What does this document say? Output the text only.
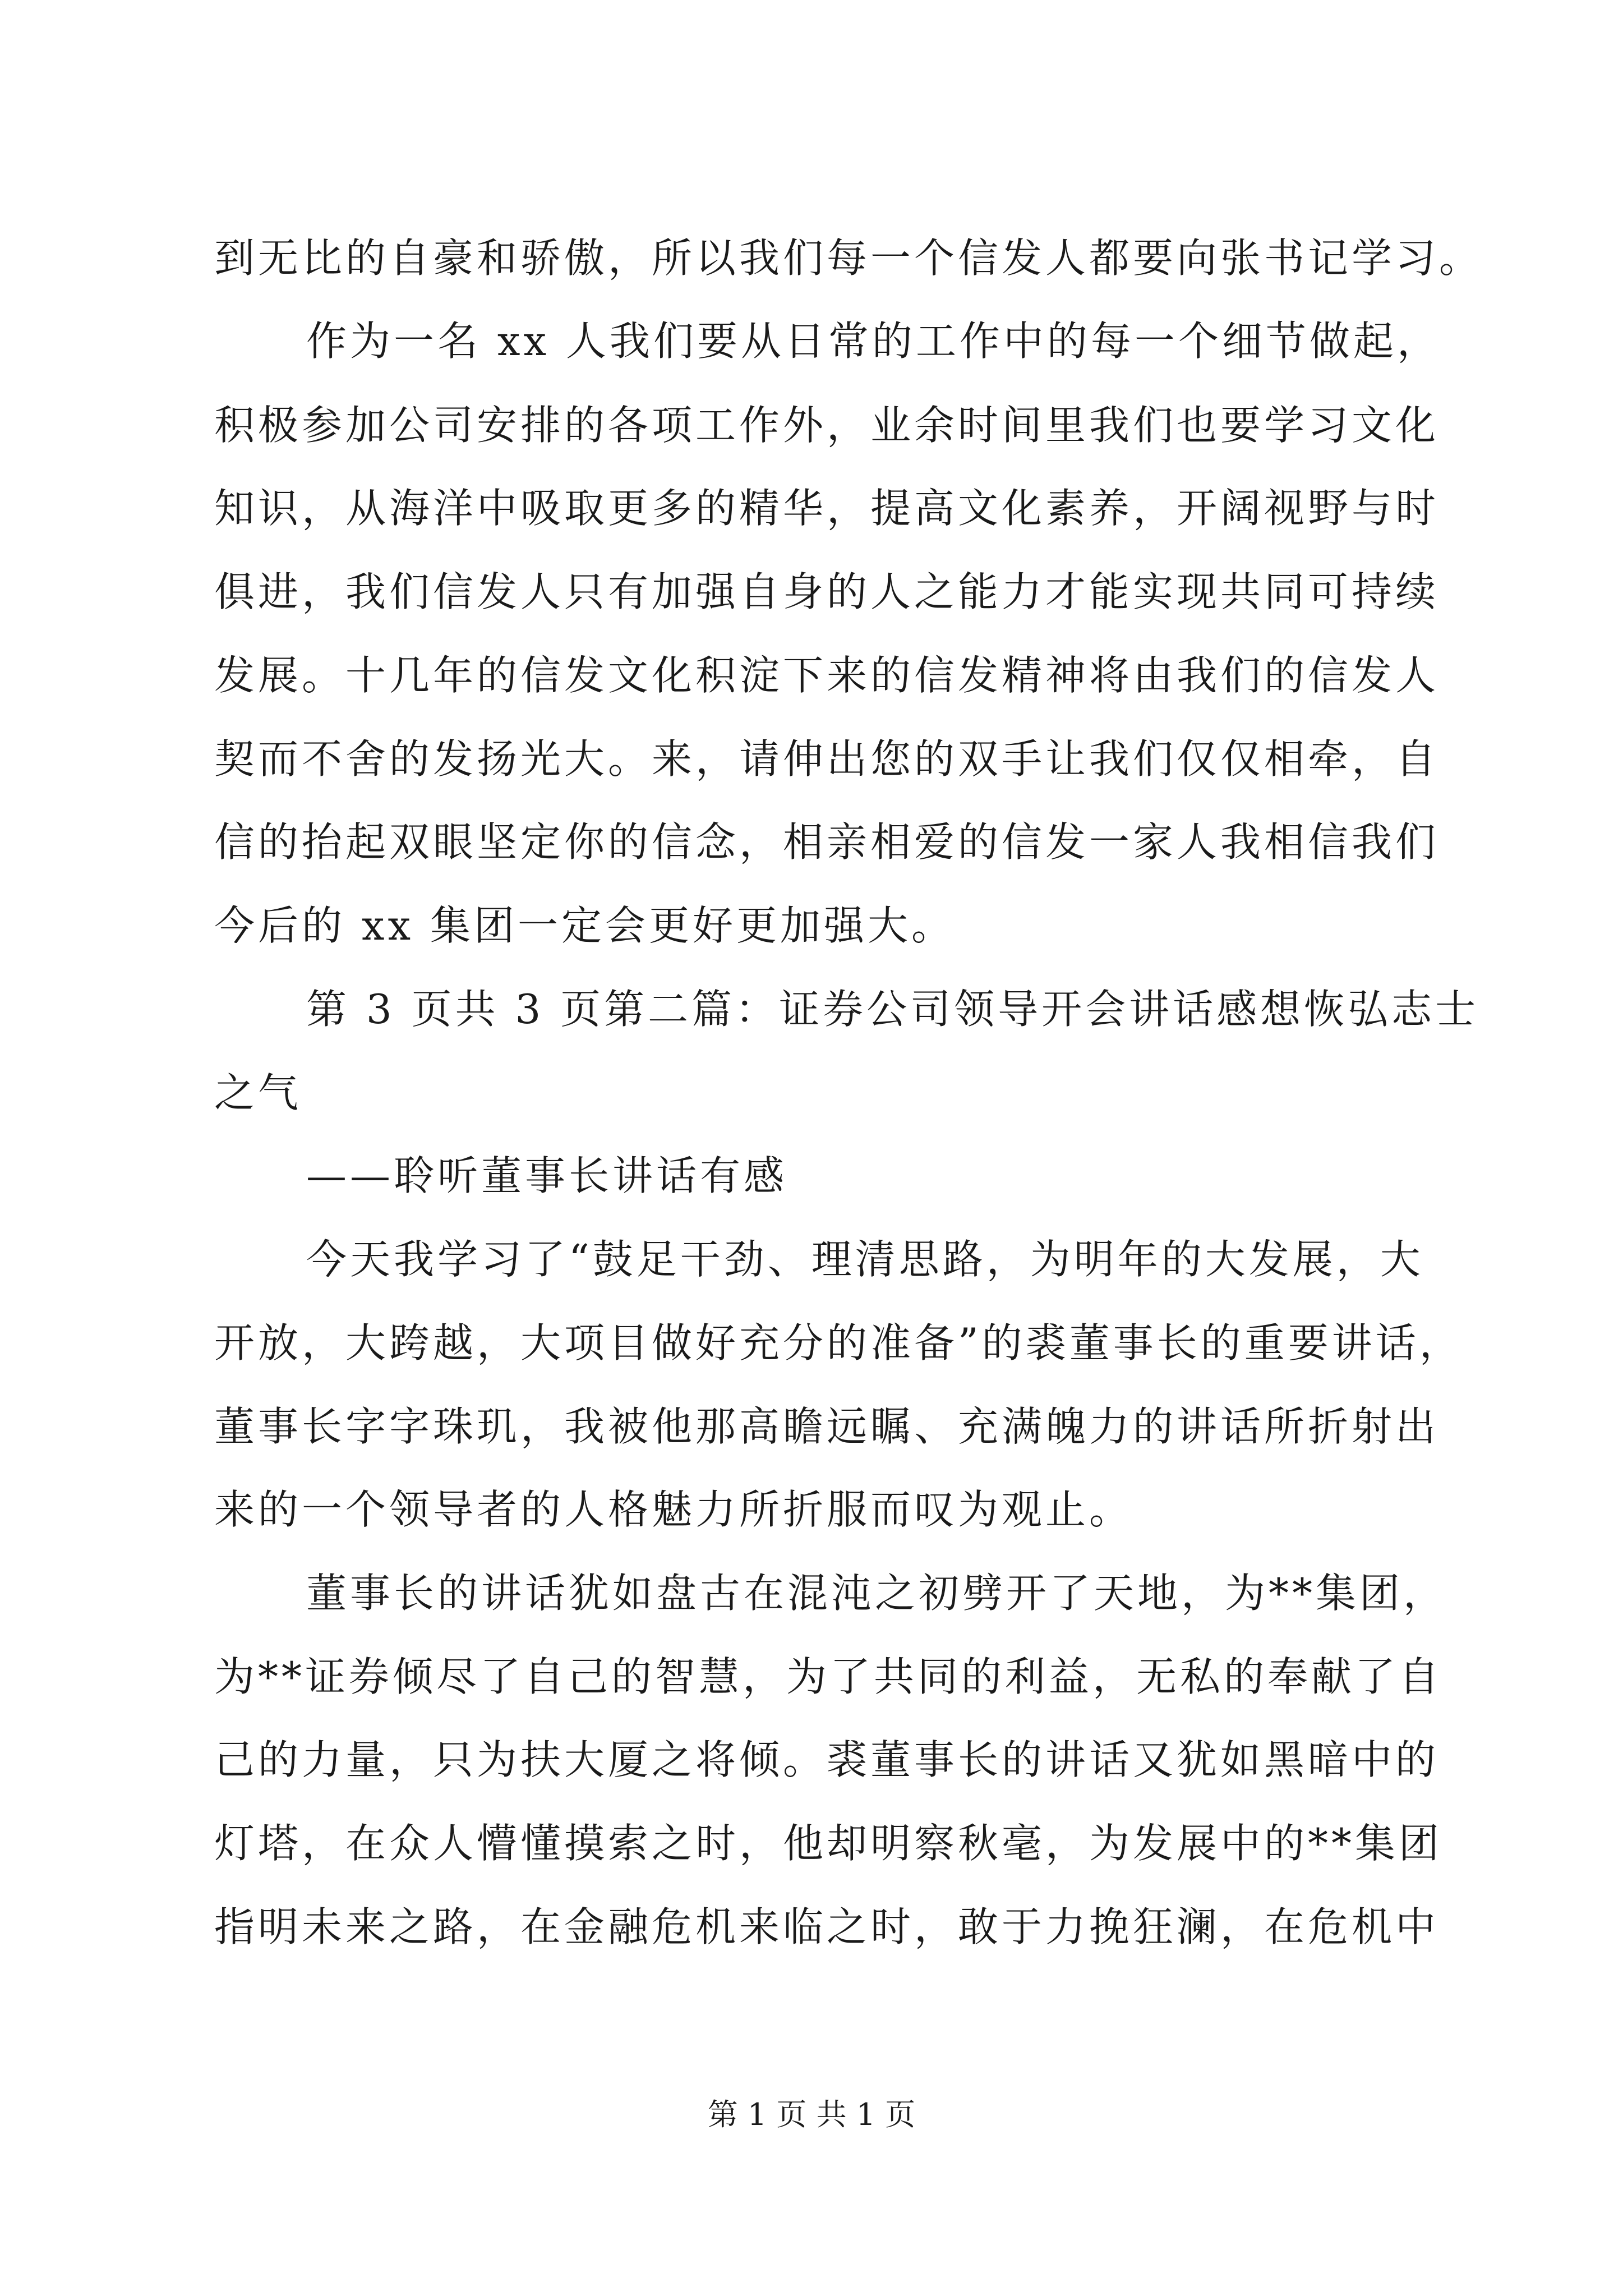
到无比的自豪和骄傲，所以我们每一个信发人都要向张书记学习。
作为一名 xx 人我们要从日常的工作中的每一个细节做起，
积极参加公司安排的各项工作外，业余时间里我们也要学习文化
知识，从海洋中吸取更多的精华，提高文化素养，开阔视野与时
俱进，我们信发人只有加强自身的人之能力才能实现共同可持续
发展。十几年的信发文化积淀下来的信发精神将由我们的信发人
契而不舍的发扬光大。来，请伸出您的双手让我们仅仅相牵，自
信的抬起双眼坚定你的信念，相亲相爱的信发一家人我相信我们
今后的 xx 集团一定会更好更加强大。
第 3 页共 3 页第二篇：证券公司领导开会讲话感想恢弘志士
之气
——聆听董事长讲话有感
今天我学习了“鼓足干劲、理清思路，为明年的大发展，大
开放，大跨越，大项目做好充分的准备”的裘董事长的重要讲话，
董事长字字珠玑，我被他那高瞻远瞩、充满魄力的讲话所折射出
来的一个领导者的人格魅力所折服而叹为观止。
董事长的讲话犹如盘古在混沌之初劈开了天地，为**集团，
为**证券倾尽了自己的智慧，为了共同的利益，无私的奉献了自
己的力量，只为扶大厦之将倾。裘董事长的讲话又犹如黑暗中的
灯塔，在众人懵懂摸索之时，他却明察秋毫，为发展中的**集团
指明未来之路，在金融危机来临之时，敢于力挽狂澜，在危机中
第 1 页 共 1 页
